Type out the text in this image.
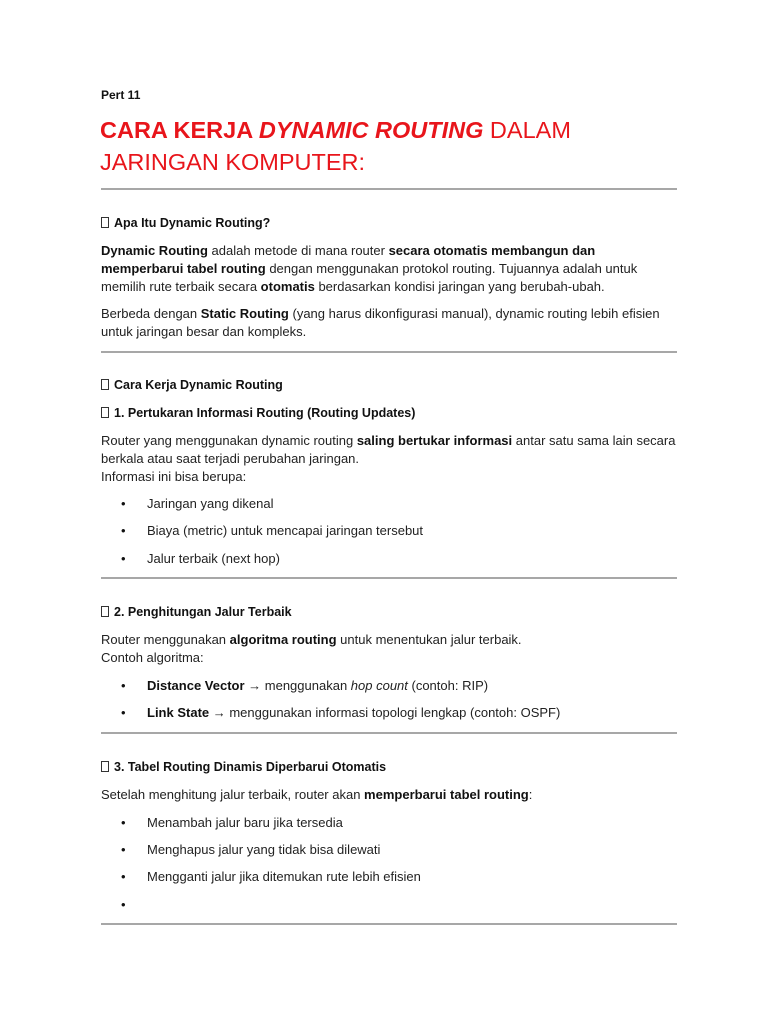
Pert 11
CARA KERJA DYNAMIC ROUTING DALAM JARINGAN KOMPUTER:
Apa Itu Dynamic Routing?
Dynamic Routing adalah metode di mana router secara otomatis membangun dan memperbarui tabel routing dengan menggunakan protokol routing. Tujuannya adalah untuk memilih rute terbaik secara otomatis berdasarkan kondisi jaringan yang berubah-ubah.
Berbeda dengan Static Routing (yang harus dikonfigurasi manual), dynamic routing lebih efisien untuk jaringan besar dan kompleks.
Cara Kerja Dynamic Routing
1. Pertukaran Informasi Routing (Routing Updates)
Router yang menggunakan dynamic routing saling bertukar informasi antar satu sama lain secara berkala atau saat terjadi perubahan jaringan.
Informasi ini bisa berupa:
•Jaringan yang dikenal
•Biaya (metric) untuk mencapai jaringan tersebut
•Jalur terbaik (next hop)
2. Penghitungan Jalur Terbaik
Router menggunakan algoritma routing untuk menentukan jalur terbaik.
Contoh algoritma:
•Distance Vector → menggunakan hop count (contoh: RIP)
•Link State → menggunakan informasi topologi lengkap (contoh: OSPF)
3. Tabel Routing Dinamis Diperbarui Otomatis
Setelah menghitung jalur terbaik, router akan memperbarui tabel routing:
•Menambah jalur baru jika tersedia
•Menghapus jalur yang tidak bisa dilewati
•Mengganti jalur jika ditemukan rute lebih efisien
•
